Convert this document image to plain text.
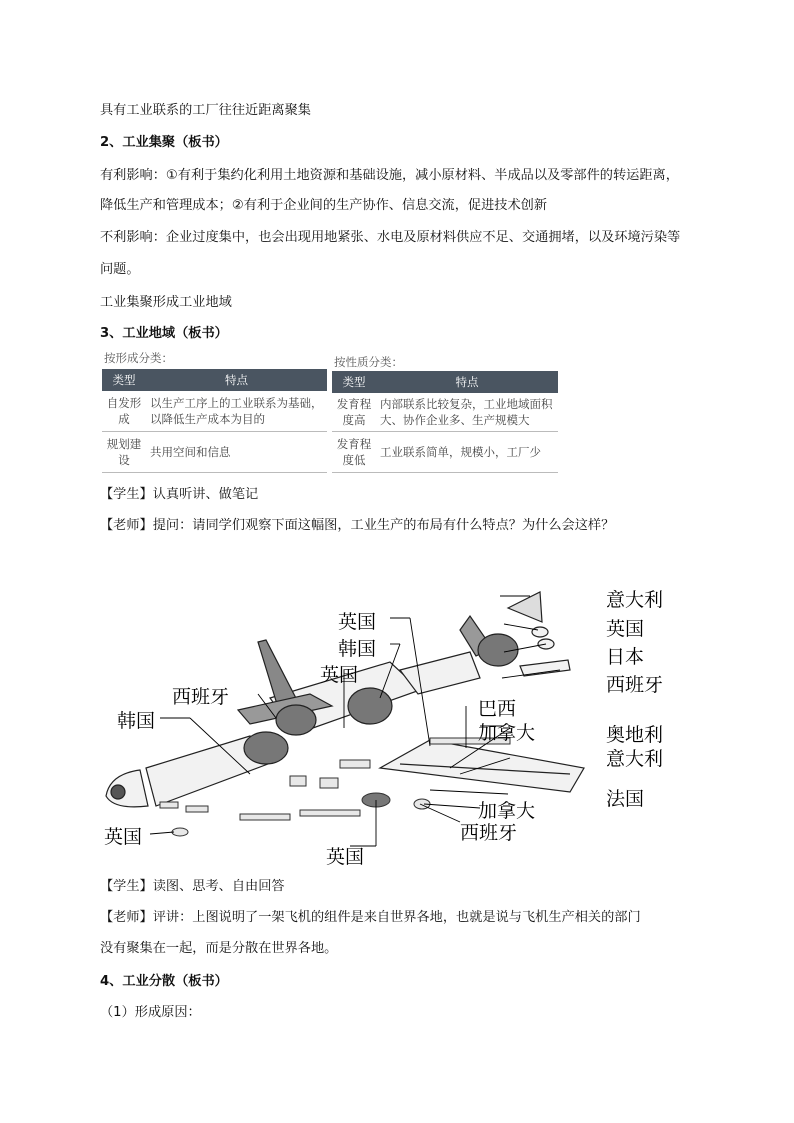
具有工业联系的工厂往往近距离聚集
2、工业集聚（板书）
有利影响：①有利于集约化利用土地资源和基础设施，减小原材料、半成品以及零部件的转运距离，
降低生产和管理成本；②有利于企业间的生产协作、信息交流，促进技术创新
不利影响：企业过度集中，也会出现用地紧张、水电及原材料供应不足、交通拥堵，以及环境污染等
问题。
工业集聚形成工业地域
3、工业地域（板书）
按形成分类：
类型	特点
自发形成	以生产工序上的工业联系为基础，以降低生产成本为目的
规划建设	共用空间和信息
按性质分类：
类型	特点
发育程度高	内部联系比较复杂，工业地域面积大、协作企业多、生产规模大
发育程度低	工业联系简单，规模小，工厂少
【学生】认真听讲、做笔记
【老师】提问：请同学们观察下面这幅图，工业生产的布局有什么特点？为什么会这样？
意大利
英国
日本
西班牙
英国
韩国
英国
西班牙
韩国
巴西
加拿大	奥地利
意大利
法国
加拿大
西班牙
英国
英国
【学生】读图、思考、自由回答
【老师】评讲：上图说明了一架飞机的组件是来自世界各地，也就是说与飞机生产相关的部门
没有聚集在一起，而是分散在世界各地。
4、工业分散（板书）
（1）形成原因：
